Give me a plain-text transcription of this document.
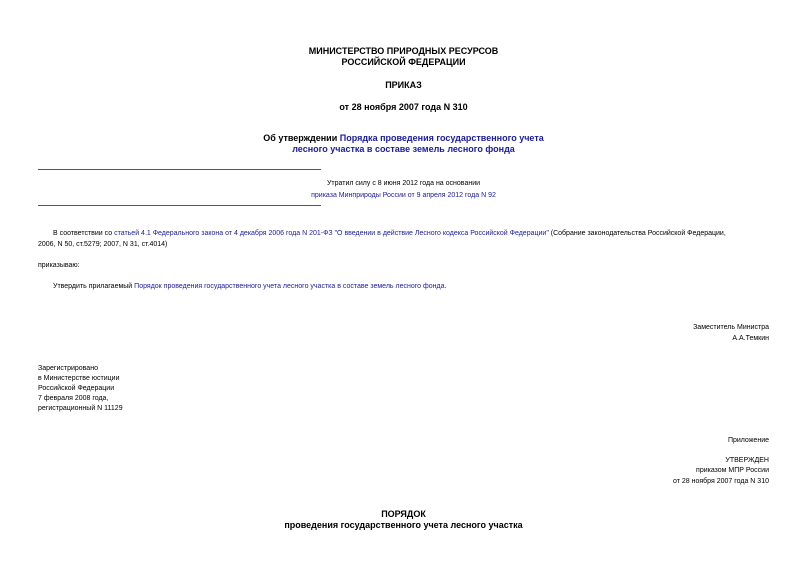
МИНИСТЕРСТВО ПРИРОДНЫХ РЕСУРСОВ
РОССИЙСКОЙ ФЕДЕРАЦИИ
ПРИКАЗ
от 28 ноября 2007 года N 310
Об утверждении Порядка проведения государственного учета
лесного участка в составе земель лесного фонда
Утратил силу с 8 июня 2012 года на основании
приказа Минприроды России от 9 апреля 2012 года N 92
В соответствии со статьей 4.1 Федерального закона от 4 декабря 2006 года N 201-ФЗ "О введении в действие Лесного кодекса Российской Федерации" (Собрание законодательства Российской Федерации,
2006, N 50, ст.5279; 2007, N 31, ст.4014)
приказываю:
Утвердить прилагаемый Порядок проведения государственного учета лесного участка в составе земель лесного фонда.
Заместитель Министра
А.А.Темкин
Зарегистрировано
в Министерстве юстиции
Российской Федерации
7 февраля 2008 года,
регистрационный N 11129
Приложение
УТВЕРЖДЕН
приказом МПР России
от 28 ноября 2007 года N 310
ПОРЯДОК
проведения государственного учета лесного участка
